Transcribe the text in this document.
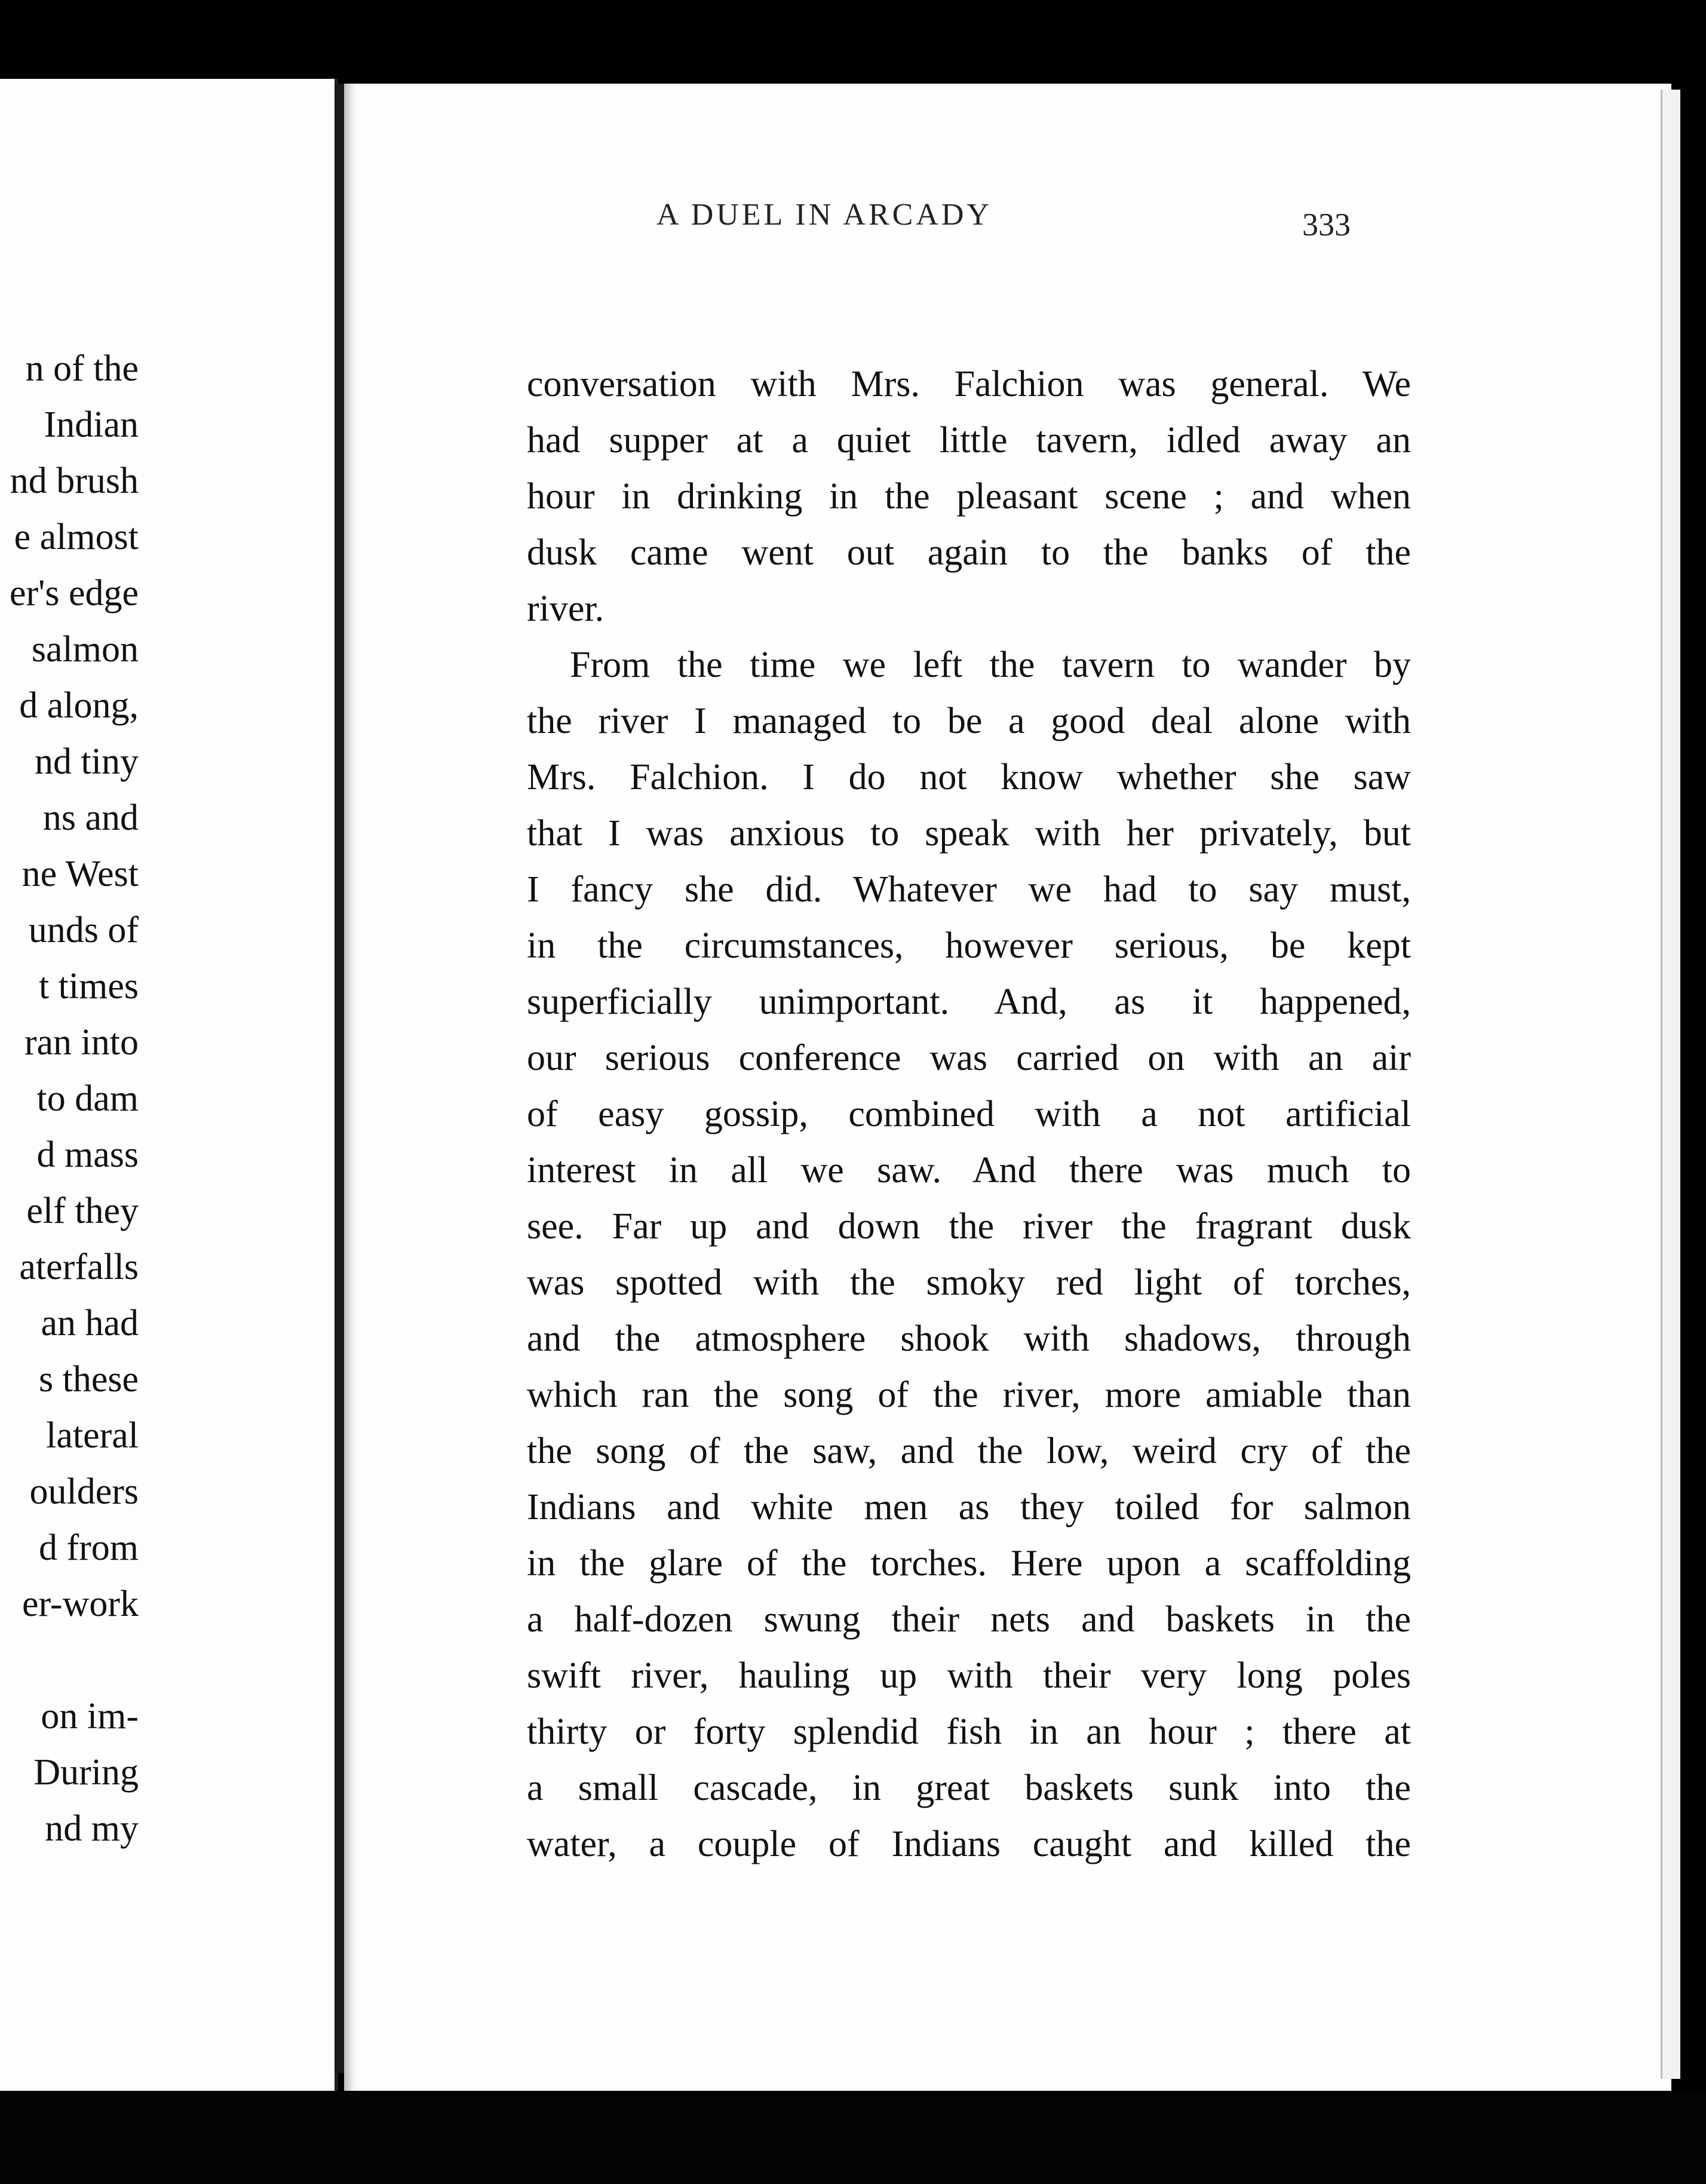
n of the
Indian
nd brush
e almost
er's edge
salmon
d along,
nd tiny
ns and
ne West
unds of
t times
ran into
to dam
d mass
elf they
aterfalls
an had
s these
lateral
oulders
d from
er-work
on im-
During
nd my
A DUEL IN ARCADY	333
conversation with Mrs. Falchion was general. We
had supper at a quiet little tavern, idled away an
hour in drinking in the pleasant scene ; and when
dusk came went out again to the banks of the
river.
From the time we left the tavern to wander by
the river I managed to be a good deal alone with
Mrs. Falchion. I do not know whether she saw
that I was anxious to speak with her privately, but
I fancy she did. Whatever we had to say must,
in the circumstances, however serious, be kept
superficially unimportant. And, as it happened,
our serious conference was carried on with an air
of easy gossip, combined with a not artificial
interest in all we saw. And there was much to
see. Far up and down the river the fragrant dusk
was spotted with the smoky red light of torches,
and the atmosphere shook with shadows, through
which ran the song of the river, more amiable than
the song of the saw, and the low, weird cry of the
Indians and white men as they toiled for salmon
in the glare of the torches. Here upon a scaffolding
a half-dozen swung their nets and baskets in the
swift river, hauling up with their very long poles
thirty or forty splendid fish in an hour ; there at
a small cascade, in great baskets sunk into the
water, a couple of Indians caught and killed the
